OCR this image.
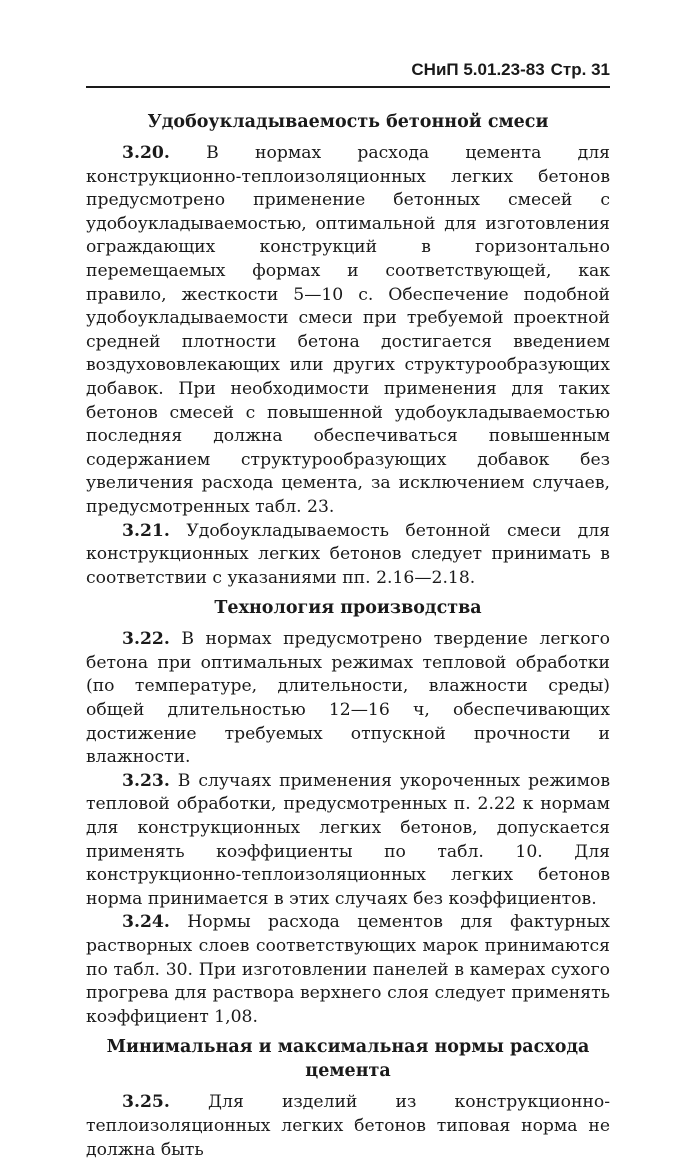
СНиП 5.01.23-83 Стр. 31
Удобоукладываемость бетонной смеси

3.20. В нормах расхода цемента для конструкционно-теплоизоляционных легких бетонов предусмотрено применение бетонных смесей с удобоукладываемостью, оптимальной для изготовления ограждающих конструкций в горизонтально перемещаемых формах и соответствующей, как правило, жесткости 5—10 с. Обеспечение подобной удобоукладываемости смеси при требуемой проектной средней плотности бетона достигается введением воздухововлекающих или других структурообразующих добавок. При необходимости применения для таких бетонов смесей с повышенной удобоукладываемостью последняя должна обеспечиваться повышенным содержанием структурообразующих добавок без увеличения расхода цемента, за исключением случаев, предусмотренных табл. 23.

3.21. Удобоукладываемость бетонной смеси для конструкционных легких бетонов следует принимать в соответствии с указаниями пп. 2.16—2.18.

Технология производства

3.22. В нормах предусмотрено твердение легкого бетона при оптимальных режимах тепловой обработки (по температуре, длительности, влажности среды) общей длительностью 12—16 ч, обеспечивающих достижение требуемых отпускной прочности и влажности.

3.23. В случаях применения укороченных режимов тепловой обработки, предусмотренных п. 2.22 к нормам для конструкционных легких бетонов, допускается применять коэффициенты по табл. 10. Для конструкционно-теплоизоляционных легких бетонов норма принимается в этих случаях без коэффициентов.

3.24. Нормы расхода цементов для фактурных растворных слоев соответствующих марок принимаются по табл. 30. При изготовлении панелей в камерах сухого прогрева для раствора верхнего слоя следует применять коэффициент 1,08.

Минимальная и максимальная нормы расхода цемента

3.25. Для изделий из конструкционно-теплоизоляционных легких бетонов типовая норма не должна быть
